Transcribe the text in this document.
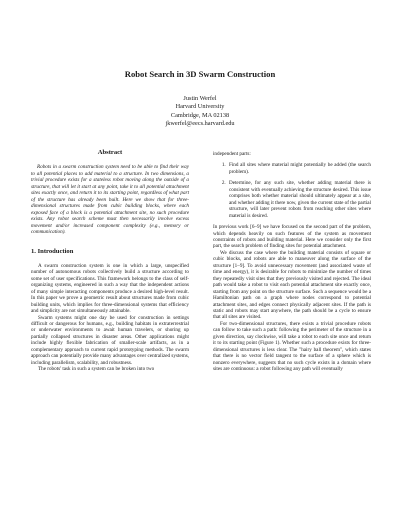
Robot Search in 3D Swarm Construction
Justin Werfel
Harvard University
Cambridge, MA 02138
jkwerfel@eecs.harvard.edu
Abstract

Robots in a swarm construction system need to be able to find their way to all potential places to add material to a structure. In two dimensions, a trivial procedure exists for a stateless robot moving along the outside of a structure, that will let it start at any point, take it to all potential attachment sites exactly once, and return it to its starting point, regardless of what part of the structure has already been built. Here we show that for three-dimensional structures made from cubic building blocks, where each exposed face of a block is a potential attachment site, no such procedure exists. Any robot search scheme must then necessarily involve excess movement and/or increased component complexity (e.g., memory or communication).

1. Introduction

A swarm construction system is one in which a large, unspecified number of autonomous robots collectively build a structure according to some set of user specifications. This framework belongs to the class of self-organizing systems, engineered in such a way that the independent actions of many simple interacting components produce a desired high-level result. In this paper we prove a geometric result about structures made from cubic building units, which implies for three-dimensional systems that efficiency and simplicity are not simultaneously attainable.

Swarm systems might one day be used for construction in settings difficult or dangerous for humans, e.g., building habitats in extraterrestrial or underwater environments to await human travelers, or shoring up partially collapsed structures in disaster areas. Other applications might include highly flexible fabrication of smaller-scale artifacts, as in a complementary approach to current rapid prototyping methods. The swarm approach can potentially provide many advantages over centralized systems, including parallelism, scalability, and robustness.

The robots' task in such a system can be broken into two

independent parts:

1. Find all sites where material might potentially be added (the search problem).
2. Determine, for any such site, whether adding material there is consistent with eventually achieving the structure desired. This issue comprises both whether material should ultimately appear at a site, and whether adding it there now, given the current state of the partial structure, will later prevent robots from reaching other sites where material is desired.

In previous work [6–9] we have focused on the second part of the problem, which depends heavily on such features of the system as movement constraints of robots and building material. Here we consider only the first part, the search problem of finding sites for potential attachment.

We discuss the case where the building material consists of square or cubic blocks, and robots are able to maneuver along the surface of the structure [1–9]. To avoid unnecessary movement (and associated waste of time and energy), it is desirable for robots to minimize the number of times they repeatedly visit sites that they previously visited and rejected. The ideal path would take a robot to visit each potential attachment site exactly once, starting from any point on the structure surface. Such a sequence would be a Hamiltonian path on a graph where nodes correspond to potential attachment sites, and edges connect physically adjacent sites. If the path is static and robots may start anywhere, the path should be a cycle to ensure that all sites are visited.

For two-dimensional structures, there exists a trivial procedure robots can follow to take such a path: following the perimeter of the structure in a given direction, say clockwise, will take a robot to each site once and return it to its starting point (Figure 1). Whether such a procedure exists for three-dimensional structures is less clear. The "hairy ball theorem", which states that there is no vector field tangent to the surface of a sphere which is nonzero everywhere, suggests that no such cycle exists in a domain where sites are continuous: a robot following any path will eventually
